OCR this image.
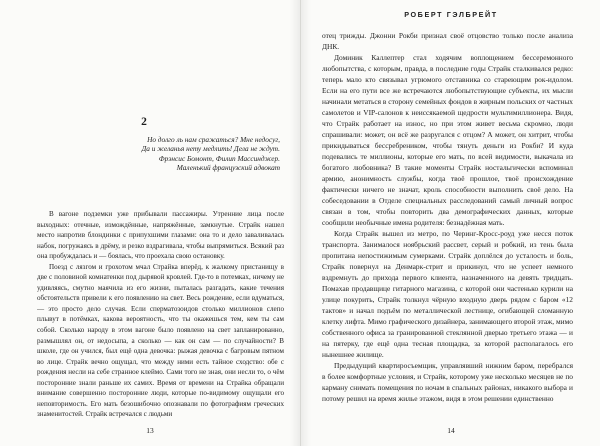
2
Но долго ль нам сражаться? Мне недосуг,
Да и желанья нету медлить! Дела не ждут.
Фрэнсис Бомонт, Филип Массинджер.
Маленький французский адвокат

В вагоне подземки уже прибывали пассажиры. Утренние лица после выходных: отечные, измождённые, напряжённые, замкнутые. Страйк нашел место напротив блондинки с припухшими глазами: она то и дело заваливалась набок, погружаясь в дрёму, и резко вздрагивала, чтобы выпрямиться. Всякий раз она пробуждалась и — боялась, что проехала свою остановку.

Поезд с лязгом и грохотом мчал Страйка вперёд, к жалкому пристанищу в две с половиной комнатенки под дырявой кровлей. Где-то в потемках, ничему не удивляясь, смутно маячила из его жизни, пыталась разгадать, какие течения обстоятельств привели к его появлению на свет. Весь рождение, если вдуматься, — это просто дело случая. Если сперматозоидов столько миллионов слепо плывут в потёмках, какова вероятность, что ты окажешься тем, кем ты сам собой. Сколько народу в этом вагоне было появлено на свет запланированно, размышлял он, от недосыпа, а сколько — как он сам — по случайности? В школе, где он учился, был ещё одна девочка: рыжая девочка с багровым пятном во лице. Страйк вечно ощущал, что между ними есть тайное сходство: обе с рождения несли на себе странное клеймо. Сами того не зная, они несли то, о чём посторонние знали раньше их самих. Время от времени на Страйка обращали внимание совершенно посторонние люди, которые по-видимому ощущали его неповторимость. Его мать безошибочно опознавали по фотографиям греческих знаменитостей. Страйк встречался с людьми

13
РОБЕРТ ГЭЛБРЕЙТ

отец трижды. Джонни Рокби признал своё отцовство только после анализа ДНК.

Доминик Каллептер стал ходячим воплощением бессеремонного любопытства, с которым, правда, в последние годы Страйк сталкивался редко: теперь мало кто связывал угрюмого отставника со стареющим рок-идолом. Если на его пути все же встречаются любопытствующие субъекты, их мысли начинали метаться в сторону семейных фондов в жирным польских от частных самолетов и VIP-салонов к неиссякаемой щедрости мультимиллионера. Видя, что Страйк работает на износ, но при этом живет весьма скромно, люди спрашивали: может, он всё же разругался с отцом? А может, он хитрит, чтобы прикидываться бессребреником, чтобы тянуть деньги из Рокби? И куда подевались те миллионы, которые его мать, по всей видимости, выкачала из богатого любовника? В такие моменты Страйк ностальгически вспоминал армию, анонимность службы, когда твоё прошлое, твоё происхождение фактически ничего не значат, кроль способности выполнить своё дело. На собеседовании в Отделе специальных расследований самый личный вопрос связан в том, чтобы повторить два демографических данных, которые сообщили необычные имена родителя: безнадёжная мать.

Когда Страйк вышел из метро, по Черинг-Кросс-роуд уже несся поток транспорта. Занималося ноябрьский рассвет, серый и робкий, из тень была пропитана непостижимым сумерками. Страйк доплёлся до усталость и боль, Страйк повернул на Денмарк-стрит и прикинул, что не успеет немного вздремнуть до прихода первого клиента, назначенного на девять тридцать. Помахав продавщице гитарного магазина, с которой они частенько курили на улице покурить, Страйк толкнул чёрную входную дверь рядом с баром «12 тактов» и начал подъём по металлической лестнице, огибающей сломанную клетку лифта. Мимо графического дизайнера, занимающего второй этаж, мимо собственного офиса за гранированной стеклянной дверью третьего этажа — и на пятерку, где ещё одна тесная площадка, за которой располагалось его нынешнее жилище.

Предыдущий квартиросъемщик, управлявший нижним баром, перебрался в более комфортные условия, и Страйк, которому уже несколько месяцев не по карману снимать помещения по ночам в спальных районах, никакого выбора и потому решил на время жилье этажом, видя в этом решении единственно

14
